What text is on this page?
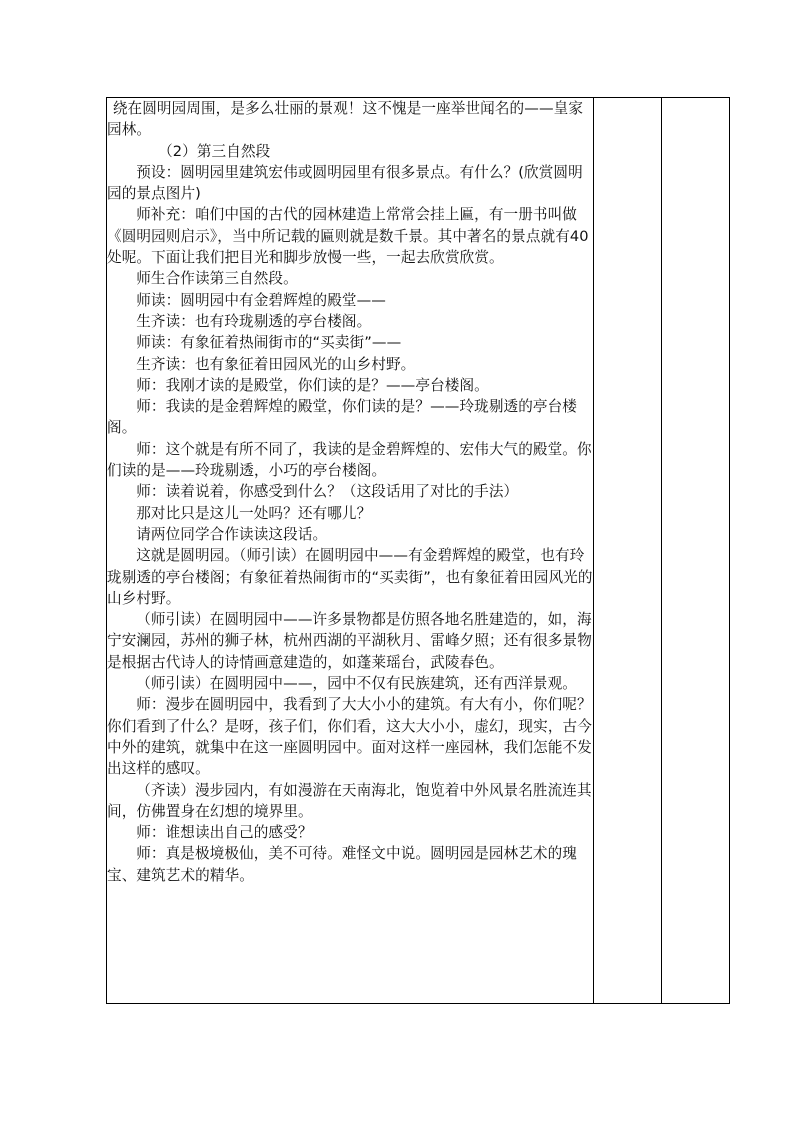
绕在圆明园周围，是多么壮丽的景观！这不愧是一座举世闻名的——皇家园林。

（2）第三自然段

预设：圆明园里建筑宏伟或圆明园里有很多景点。有什么？(欣赏圆明园的景点图片)

师补充：咱们中国的古代的园林建造上常常会挂上匾，有一册书叫做《圆明园则启示》，当中所记载的匾则就是数千景。其中著名的景点就有40处呢。下面让我们把目光和脚步放慢一些，一起去欣赏欣赏。

师生合作读第三自然段。

师读：圆明园中有金碧辉煌的殿堂——

生齐读：也有玲珑剔透的亭台楼阁。

师读：有象征着热闹街市的“买卖街”——

生齐读：也有象征着田园风光的山乡村野。

师：我刚才读的是殿堂，你们读的是？——亭台楼阁。

师：我读的是金碧辉煌的殿堂，你们读的是？——玲珑剔透的亭台楼阁。

师：这个就是有所不同了，我读的是金碧辉煌的、宏伟大气的殿堂。你们读的是——玲珑剔透，小巧的亭台楼阁。

师：读着说着，你感受到什么？（这段话用了对比的手法）

那对比只是这儿一处吗？还有哪儿？

请两位同学合作读读这段话。

这就是圆明园。（师引读）在圆明园中——有金碧辉煌的殿堂，也有玲珑剔透的亭台楼阁；有象征着热闹街市的“买卖街”，也有象征着田园风光的山乡村野。

（师引读）在圆明园中——许多景物都是仿照各地名胜建造的，如，海宁安澜园，苏州的狮子林，杭州西湖的平湖秋月、雷峰夕照；还有很多景物是根据古代诗人的诗情画意建造的，如蓬莱瑶台，武陵春色。

（师引读）在圆明园中——，园中不仅有民族建筑，还有西洋景观。

师：漫步在圆明园中，我看到了大大小小的建筑。有大有小，你们呢？你们看到了什么？是呀，孩子们，你们看，这大大小小，虚幻，现实，古今中外的建筑，就集中在这一座圆明园中。面对这样一座园林，我们怎能不发出这样的感叹。

（齐读）漫步园内，有如漫游在天南海北，饱览着中外风景名胜流连其间，仿佛置身在幻想的境界里。

师：谁想读出自己的感受？

师：真是极境极仙，美不可待。难怪文中说。圆明园是园林艺术的瑰宝、建筑艺术的精华。
